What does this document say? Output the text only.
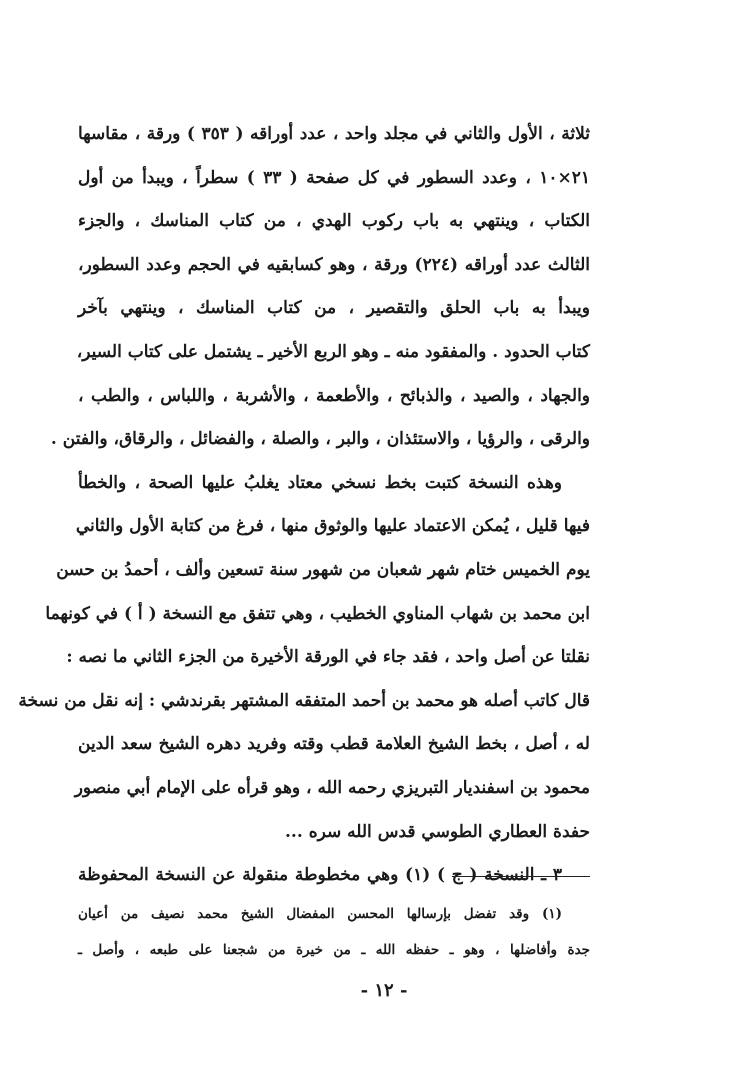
ثلاثة ، الأول والثاني في مجلد واحد ، عدد أوراقه ( ٣٥٣ ) ورقة ، مقاسها
٢١×١٠ ، وعدد السطور في كل صفحة ( ٣٣ ) سطراً ، ويبدأ من أول
الكتاب ، وينتهي به باب ركوب الهدي ، من كتاب المناسك ، والجزء
الثالث عدد أوراقه (٢٢٤) ورقة ، وهو كسابقيه في الحجم وعدد السطور،
ويبدأ به باب الحلق والتقصير ، من كتاب المناسك ، وينتهي بآخر
كتاب الحدود . والمفقود منه ـ وهو الربع الأخير ـ يشتمل على كتاب السير،
والجهاد ، والصيد ، والذبائح ، والأطعمة ، والأشربة ، واللباس ، والطب ،
والرقى ، والرؤيا ، والاستئذان ، والبر ، والصلة ، والفضائل ، والرقاق، والفتن .
وهذه النسخة كتبت بخط نسخي معتاد يغلبُ عليها الصحة ، والخطأ
فيها قليل ، يُمكن الاعتماد عليها والوثوق منها ، فرغ من كتابة الأول والثاني
يوم الخميس ختام شهر شعبان من شهور سنة تسعين وألف ، أحمدُ بن حسن
ابن محمد بن شهاب المناوي الخطيب ، وهي تتفق مع النسخة ( أ ) في كونهما
نقلتا عن أصل واحد ، فقد جاء في الورقة الأخيرة من الجزء الثاني ما نصه :
قال كاتب أصله هو محمد بن أحمد المتفقه المشتهر بقرندشي : إنه نقل من نسخة
له ، أصل ، بخط الشيخ العلامة قطب وقته وفريد دهره الشيخ سعد الدين
محمود بن اسفنديار التبريزي رحمه الله ، وهو قرأه على الإمام أبي منصور
حفدة العطاري الطوسي قدس الله سره ...
٣ ـ النسخة ( ج ) (١) وهي مخطوطة منقولة عن النسخة المحفوظة
(١) وقد تفضل بإرسالها المحسن المفضال الشيخ محمد نصيف من أعيان
جدة وأفاضلها ، وهو ـ حفظه الله ـ من خيرة من شجعنا على طبعه ، وأصل ـ
- ١٢ -
